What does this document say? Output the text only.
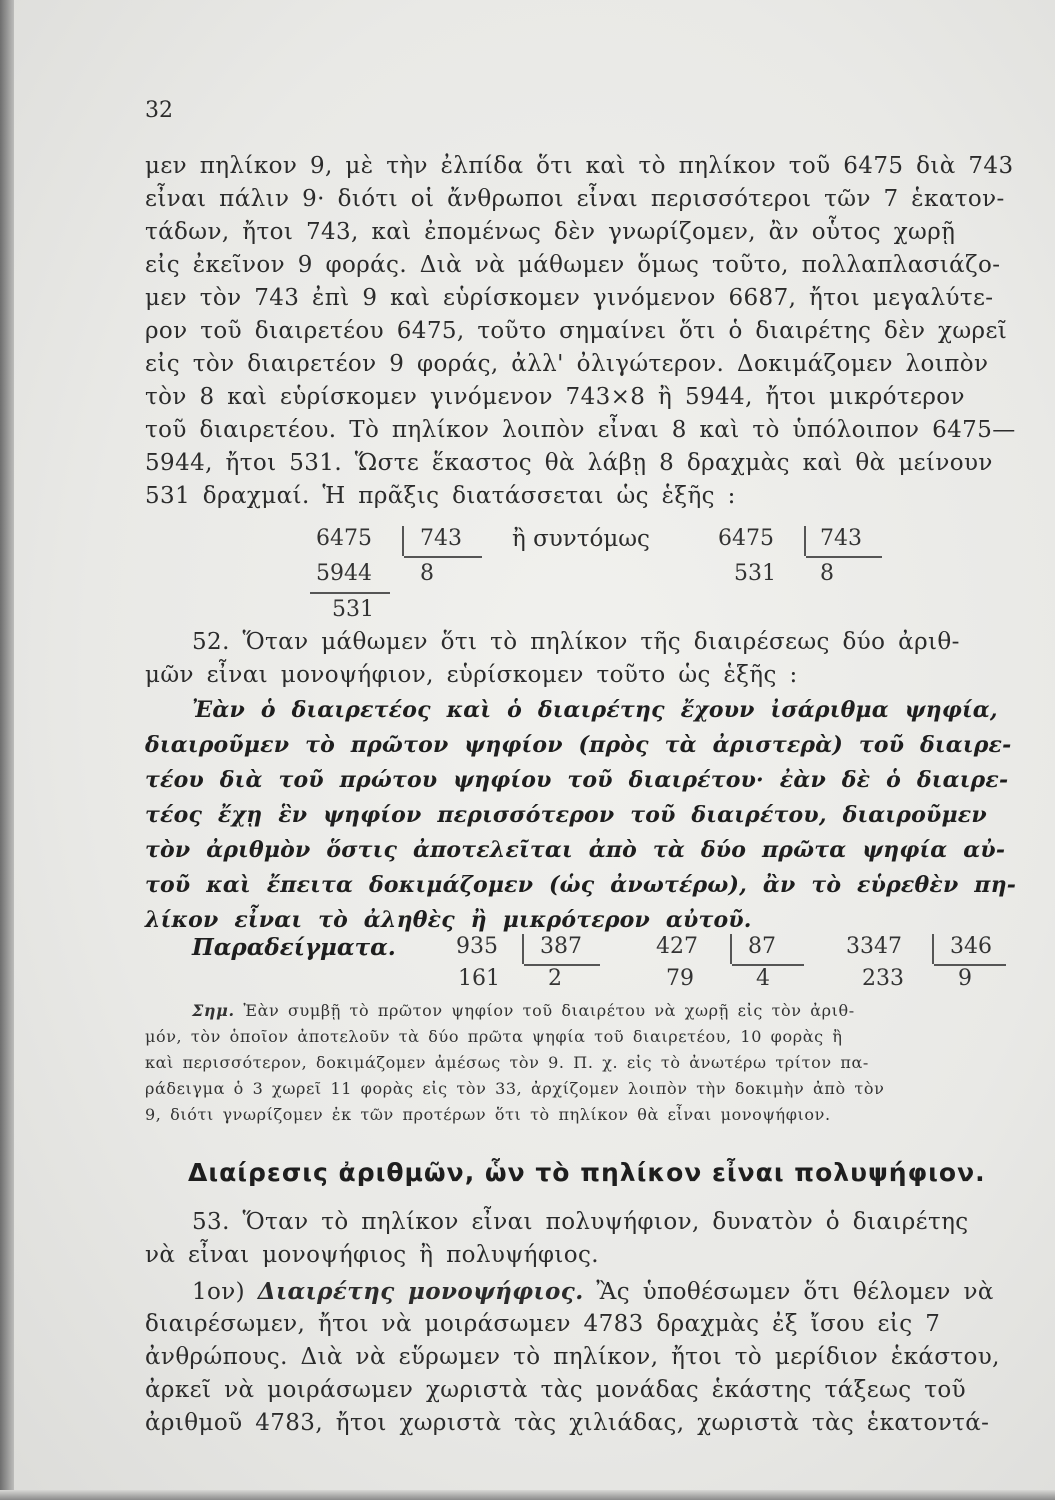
32

μεν πηλίκον 9, μὲ τὴν ἐλπίδα ὅτι καὶ τὸ πηλίκον τοῦ 6475 διὰ 743

εἶναι πάλιν 9· διότι οἱ ἄνθρωποι εἶναι περισσότεροι τῶν 7 ἑκατον-

τάδων, ἤτοι 743, καὶ ἐπομένως δὲν γνωρίζομεν, ἂν οὗτος χωρῇ

εἰς ἐκεῖνον 9 φοράς. Διὰ νὰ μάθωμεν ὅμως τοῦτο, πολλαπλασιάζο-

μεν τὸν 743 ἐπὶ 9 καὶ εὑρίσκομεν γινόμενον 6687, ἤτοι μεγαλύτε-

ρον τοῦ διαιρετέου 6475, τοῦτο σημαίνει ὅτι ὁ διαιρέτης δὲν χωρεῖ

εἰς τὸν διαιρετέον 9 φοράς, ἀλλ' ὀλιγώτερον. Δοκιμάζομεν λοιπὸν

τὸν 8 καὶ εὑρίσκομεν γινόμενον 743×8 ἢ 5944, ἤτοι μικρότερον

τοῦ διαιρετέου. Τὸ πηλίκον λοιπὸν εἶναι 8 καὶ τὸ ὑπόλοιπον 6475—

5944, ἤτοι 531. Ὥστε ἕκαστος θὰ λάβῃ 8 δραχμὰς καὶ θὰ μείνουν

531 δραχμαί. Ἡ πρᾶξις διατάσσεται ὡς ἑξῆς :

6475 743
5944 8
531
ἢ συντόμως	6475 743
531 8

52. Ὅταν μάθωμεν ὅτι τὸ πηλίκον τῆς διαιρέσεως δύο ἀριθ-

μῶν εἶναι μονοψήφιον, εὑρίσκομεν τοῦτο ὡς ἑξῆς :

Ἐὰν ὁ διαιρετέος καὶ ὁ διαιρέτης ἔχουν ἰσάριθμα ψηφία,

διαιροῦμεν τὸ πρῶτον ψηφίον (πρὸς τὰ ἀριστερὰ) τοῦ διαιρε-

τέου διὰ τοῦ πρώτου ψηφίου τοῦ διαιρέτου· ἐὰν δὲ ὁ διαιρε-

τέος ἔχῃ ἓν ψηφίον περισσότερον τοῦ διαιρέτου, διαιροῦμεν

τὸν ἀριθμὸν ὅστις ἀποτελεῖται ἀπὸ τὰ δύο πρῶτα ψηφία αὐ-

τοῦ καὶ ἔπειτα δοκιμάζομεν (ὡς ἀνωτέρω), ἂν τὸ εὑρεθὲν πη-

λίκον εἶναι τὸ ἀληθὲς ἢ μικρότερον αὐτοῦ.

Παραδείγματα.	935 387
161 2
427 87
79	4
3347 346
233 9

Σημ. Ἐὰν συμβῇ τὸ πρῶτον ψηφίον τοῦ διαιρέτου νὰ χωρῇ εἰς τὸν ἀριθ-

μόν, τὸν ὁποῖον ἀποτελοῦν τὰ δύο πρῶτα ψηφία τοῦ διαιρετέου, 10 φορὰς ἢ

καὶ περισσότερον, δοκιμάζομεν ἀμέσως τὸν 9. Π. χ. εἰς τὸ ἀνωτέρω τρίτον πα-

ράδειγμα ὁ 3 χωρεῖ 11 φορὰς εἰς τὸν 33, ἀρχίζομεν λοιπὸν τὴν δοκιμὴν ἀπὸ τὸν

9, διότι γνωρίζομεν ἐκ τῶν προτέρων ὅτι τὸ πηλίκον θὰ εἶναι μονοψήφιον.

Διαίρεσις ἀριθμῶν, ὧν τὸ πηλίκον εἶναι πολυψήφιον.

53. Ὅταν τὸ πηλίκον εἶναι πολυψήφιον, δυνατὸν ὁ διαιρέτης

νὰ εἶναι μονοψήφιος ἢ πολυψήφιος.

1ον) Διαιρέτης μονοψήφιος. Ἂς ὑποθέσωμεν ὅτι θέλομεν νὰ

διαιρέσωμεν, ἤτοι νὰ μοιράσωμεν 4783 δραχμὰς ἐξ ἴσου εἰς 7

ἀνθρώπους. Διὰ νὰ εὕρωμεν τὸ πηλίκον, ἤτοι τὸ μερίδιον ἑκάστου,

ἀρκεῖ νὰ μοιράσωμεν χωριστὰ τὰς μονάδας ἑκάστης τάξεως τοῦ

ἀριθμοῦ 4783, ἤτοι χωριστὰ τὰς χιλιάδας, χωριστὰ τὰς ἑκατοντά-
